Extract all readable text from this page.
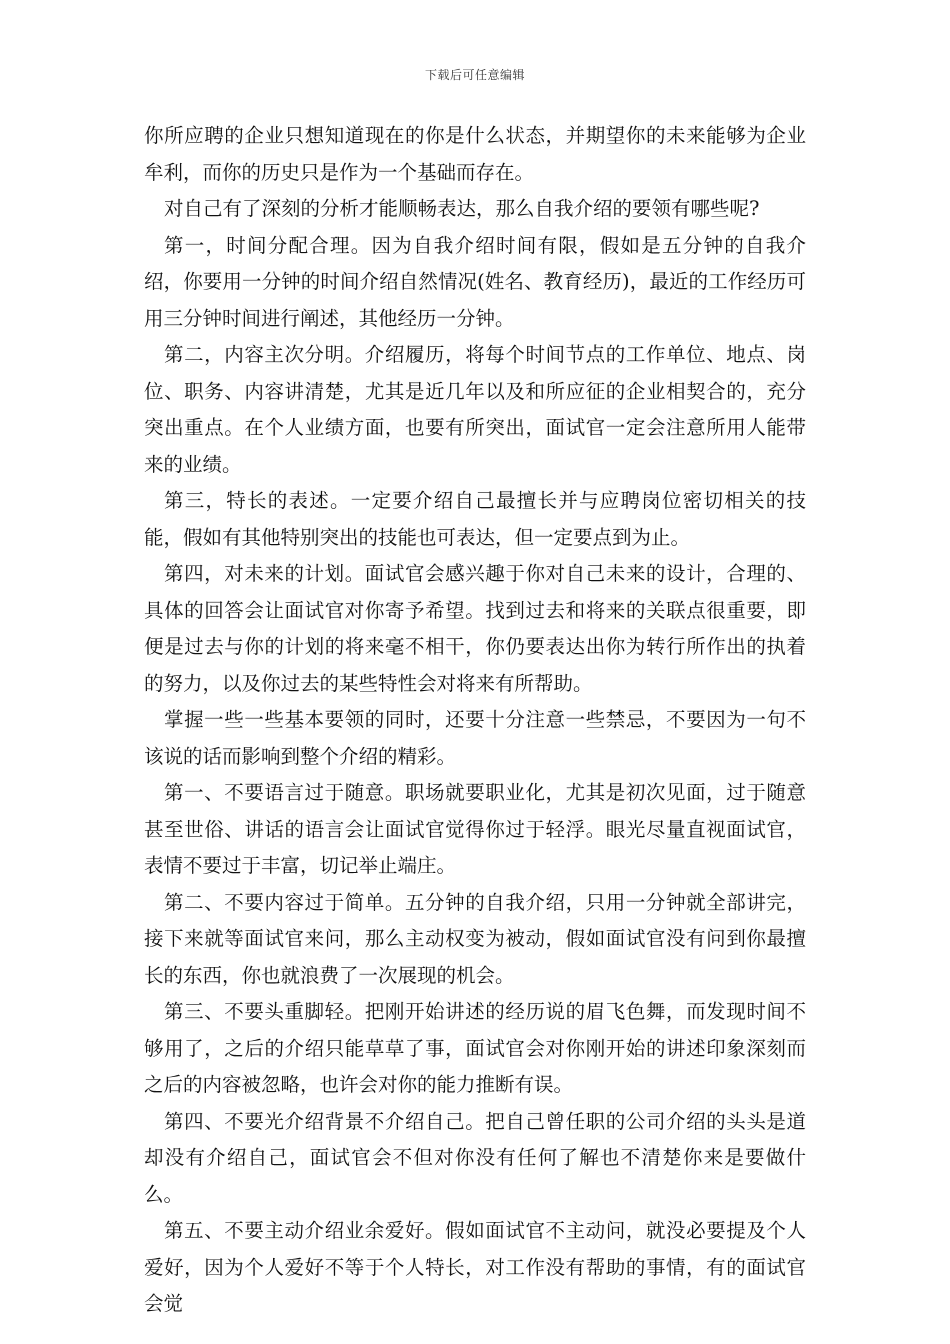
下载后可任意编辑

你所应聘的企业只想知道现在的你是什么状态，并期望你的未来能够为企业牟利，而你的历史只是作为一个基础而存在。

对自己有了深刻的分析才能顺畅表达，那么自我介绍的要领有哪些呢?

第一，时间分配合理。因为自我介绍时间有限，假如是五分钟的自我介绍，你要用一分钟的时间介绍自然情况(姓名、教育经历)，最近的工作经历可用三分钟时间进行阐述，其他经历一分钟。

第二，内容主次分明。介绍履历，将每个时间节点的工作单位、地点、岗位、职务、内容讲清楚，尤其是近几年以及和所应征的企业相契合的，充分突出重点。在个人业绩方面，也要有所突出，面试官一定会注意所用人能带来的业绩。

第三，特长的表述。一定要介绍自己最擅长并与应聘岗位密切相关的技能，假如有其他特别突出的技能也可表达，但一定要点到为止。

第四，对未来的计划。面试官会感兴趣于你对自己未来的设计，合理的、具体的回答会让面试官对你寄予希望。找到过去和将来的关联点很重要，即便是过去与你的计划的将来毫不相干，你仍要表达出你为转行所作出的执着的努力，以及你过去的某些特性会对将来有所帮助。

掌握一些一些基本要领的同时，还要十分注意一些禁忌，不要因为一句不该说的话而影响到整个介绍的精彩。

第一、不要语言过于随意。职场就要职业化，尤其是初次见面，过于随意甚至世俗、讲话的语言会让面试官觉得你过于轻浮。眼光尽量直视面试官，表情不要过于丰富，切记举止端庄。

第二、不要内容过于简单。五分钟的自我介绍，只用一分钟就全部讲完，接下来就等面试官来问，那么主动权变为被动，假如面试官没有问到你最擅长的东西，你也就浪费了一次展现的机会。

第三、不要头重脚轻。把刚开始讲述的经历说的眉飞色舞，而发现时间不够用了，之后的介绍只能草草了事，面试官会对你刚开始的讲述印象深刻而之后的内容被忽略，也许会对你的能力推断有误。

第四、不要光介绍背景不介绍自己。把自己曾任职的公司介绍的头头是道却没有介绍自己，面试官会不但对你没有任何了解也不清楚你来是要做什么。

第五、不要主动介绍业余爱好。假如面试官不主动问，就没必要提及个人爱好，因为个人爱好不等于个人特长，对工作没有帮助的事情，有的面试官会觉
